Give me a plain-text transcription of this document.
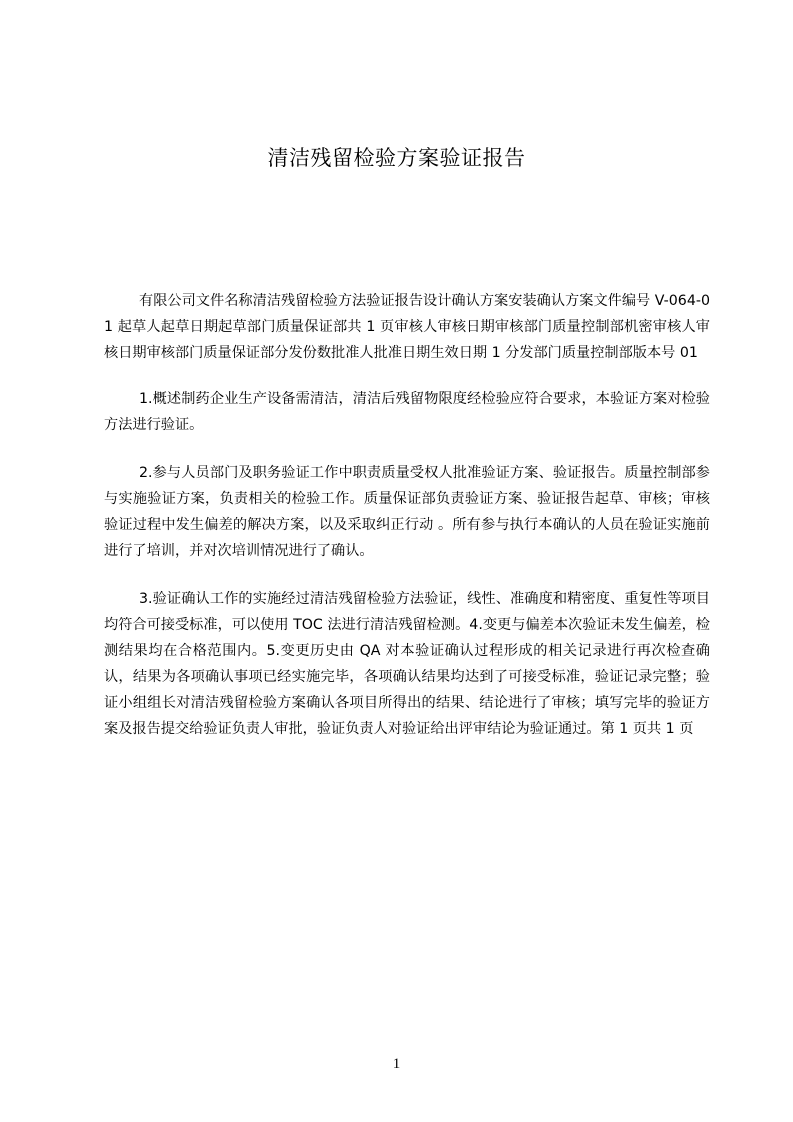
清洁残留检验方案验证报告

有限公司文件名称清洁残留检验方法验证报告设计确认方案安装确认方案文件编号 V-064-01 起草人起草日期起草部门质量保证部共 1 页审核人审核日期审核部门质量控制部机密审核人审核日期审核部门质量保证部分发份数批准人批准日期生效日期 1 分发部门质量控制部版本号 01

1.概述制药企业生产设备需清洁，清洁后残留物限度经检验应符合要求，本验证方案对检验方法进行验证。

2.参与人员部门及职务验证工作中职责质量受权人批准验证方案、验证报告。质量控制部参与实施验证方案，负责相关的检验工作。质量保证部负责验证方案、验证报告起草、审核；审核验证过程中发生偏差的解决方案，以及采取纠正行动 。所有参与执行本确认的人员在验证实施前进行了培训，并对次培训情况进行了确认。

3.验证确认工作的实施经过清洁残留检验方法验证，线性、准确度和精密度、重复性等项目均符合可接受标准，可以使用 TOC 法进行清洁残留检测。4.变更与偏差本次验证未发生偏差，检测结果均在合格范围内。5.变更历史由 QA 对本验证确认过程形成的相关记录进行再次检查确认，结果为各项确认事项已经实施完毕，各项确认结果均达到了可接受标准，验证记录完整；验证小组组长对清洁残留检验方案确认各项目所得出的结果、结论进行了审核；填写完毕的验证方案及报告提交给验证负责人审批，验证负责人对验证给出评审结论为验证通过。第 1 页共 1 页

1
